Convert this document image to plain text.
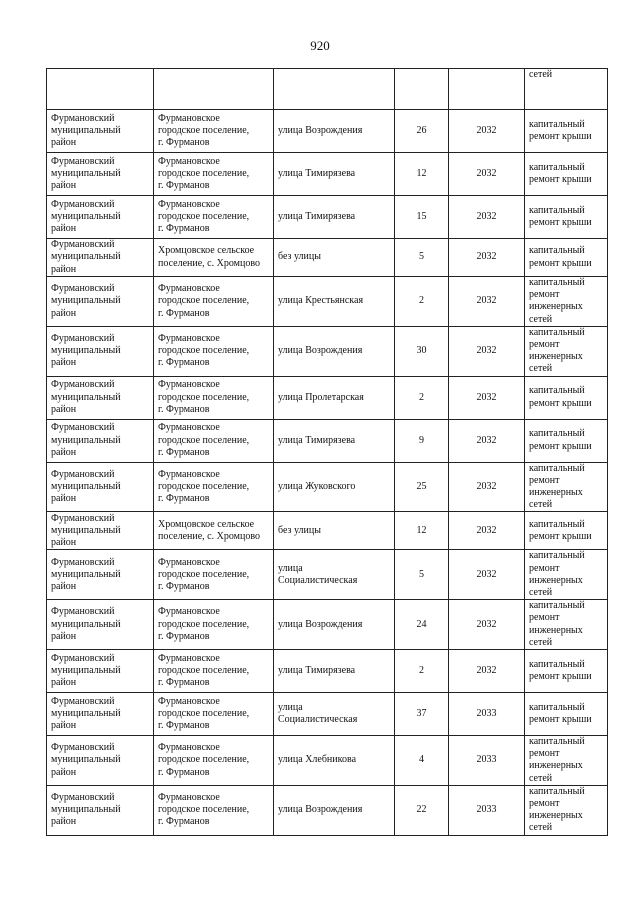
920
					сетей
Фурмановский
муниципальный
район	Фурмановское
городское поселение,
г. Фурманов	улица Возрождения	26	2032	капитальный
ремонт крыши
Фурмановский
муниципальный
район	Фурмановское
городское поселение,
г. Фурманов	улица Тимирязева	12	2032	капитальный
ремонт крыши
Фурмановский
муниципальный
район	Фурмановское
городское поселение,
г. Фурманов	улица Тимирязева	15	2032	капитальный
ремонт крыши
Фурмановский
муниципальный
район	Хромцовское сельское
поселение, с. Хромцово	без улицы	5	2032	капитальный
ремонт крыши
Фурмановский
муниципальный
район	Фурмановское
городское поселение,
г. Фурманов	улица Крестьянская	2	2032	капитальный
ремонт
инженерных
сетей
Фурмановский
муниципальный
район	Фурмановское
городское поселение,
г. Фурманов	улица Возрождения	30	2032	капитальный
ремонт
инженерных
сетей
Фурмановский
муниципальный
район	Фурмановское
городское поселение,
г. Фурманов	улица Пролетарская	2	2032	капитальный
ремонт крыши
Фурмановский
муниципальный
район	Фурмановское
городское поселение,
г. Фурманов	улица Тимирязева	9	2032	капитальный
ремонт крыши
Фурмановский
муниципальный
район	Фурмановское
городское поселение,
г. Фурманов	улица Жуковского	25	2032	капитальный
ремонт
инженерных
сетей
Фурмановский
муниципальный
район	Хромцовское сельское
поселение, с. Хромцово	без улицы	12	2032	капитальный
ремонт крыши
Фурмановский
муниципальный
район	Фурмановское
городское поселение,
г. Фурманов	улица
Социалистическая	5	2032	капитальный
ремонт
инженерных
сетей
Фурмановский
муниципальный
район	Фурмановское
городское поселение,
г. Фурманов	улица Возрождения	24	2032	капитальный
ремонт
инженерных
сетей
Фурмановский
муниципальный
район	Фурмановское
городское поселение,
г. Фурманов	улица Тимирязева	2	2032	капитальный
ремонт крыши
Фурмановский
муниципальный
район	Фурмановское
городское поселение,
г. Фурманов	улица
Социалистическая	37	2033	капитальный
ремонт крыши
Фурмановский
муниципальный
район	Фурмановское
городское поселение,
г. Фурманов	улица Хлебникова	4	2033	капитальный
ремонт
инженерных
сетей
Фурмановский
муниципальный
район	Фурмановское
городское поселение,
г. Фурманов	улица Возрождения	22	2033	капитальный
ремонт
инженерных
сетей
